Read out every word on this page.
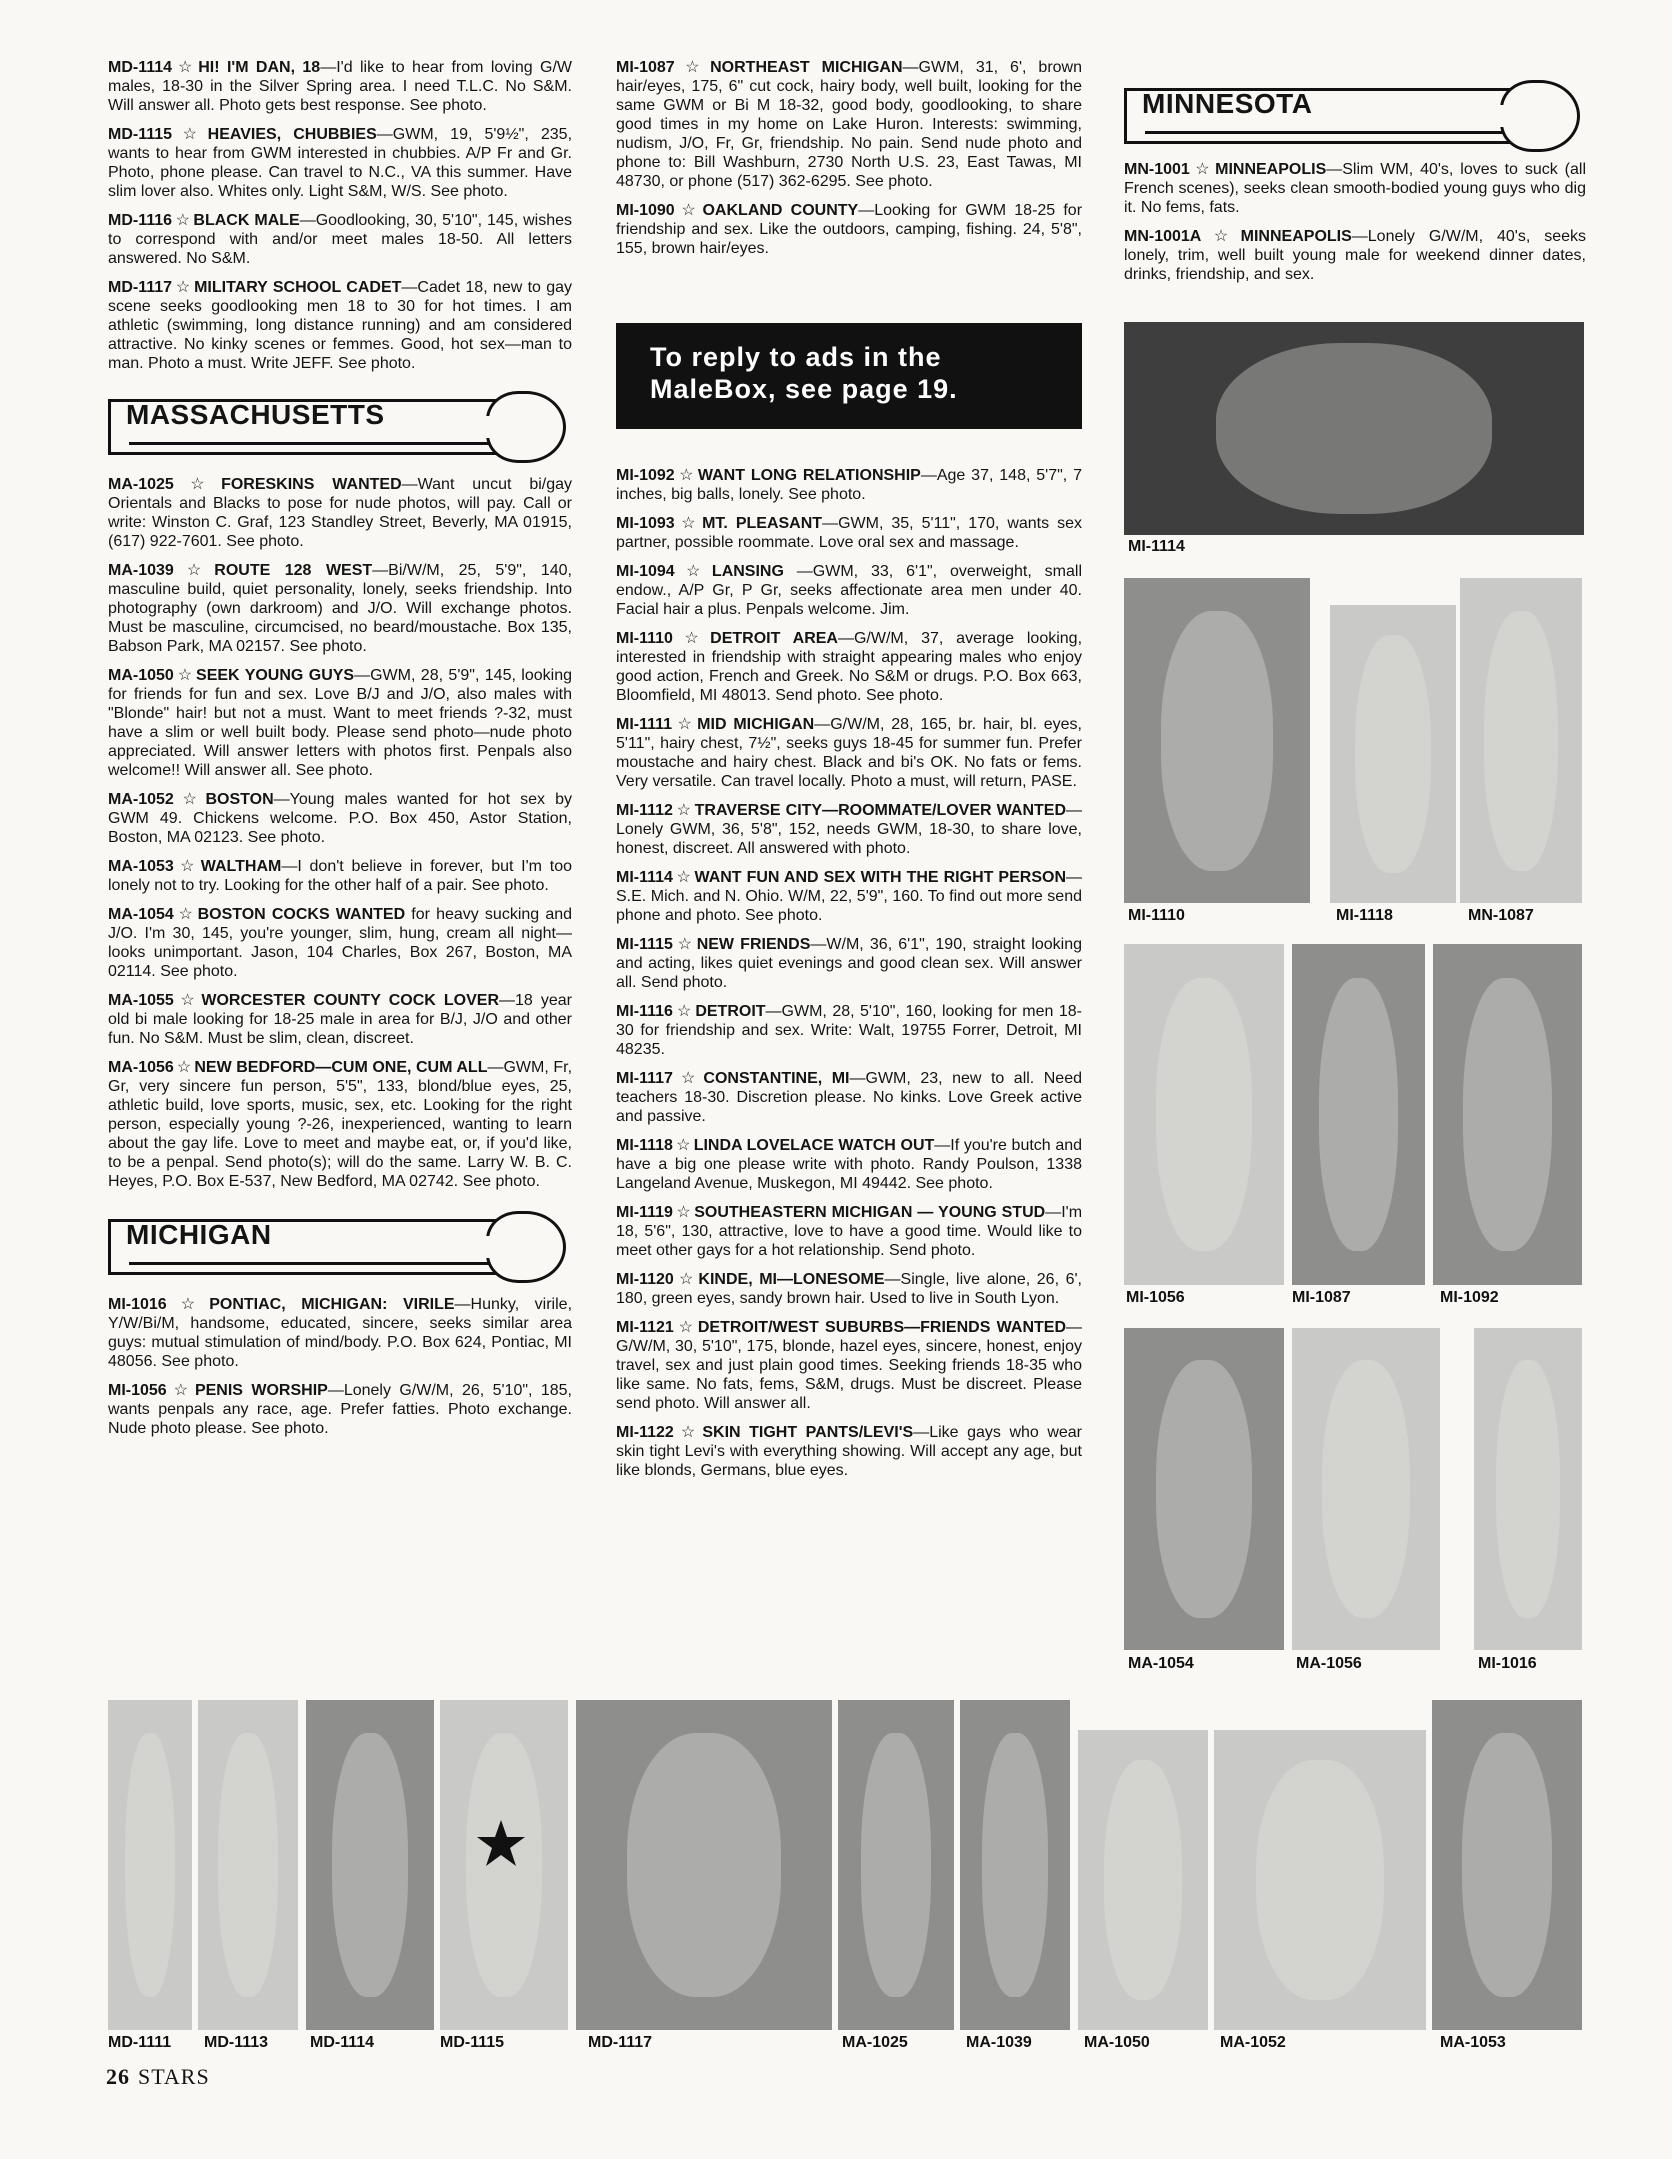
MD-1114 ☆ HI! I'M DAN, 18—I'd like to hear from loving G/W males, 18-30 in the Silver Spring area. I need T.L.C. No S&M. Will answer all. Photo gets best response. See photo.
MD-1115 ☆ HEAVIES, CHUBBIES—GWM, 19, 5'9½", 235, wants to hear from GWM interested in chubbies. A/P Fr and Gr. Photo, phone please. Can travel to N.C., VA this summer. Have slim lover also. Whites only. Light S&M, W/S. See photo.
MD-1116 ☆ BLACK MALE—Goodlooking, 30, 5'10", 145, wishes to correspond with and/or meet males 18-50. All letters answered. No S&M.
MD-1117 ☆ MILITARY SCHOOL CADET—Cadet 18, new to gay scene seeks goodlooking men 18 to 30 for hot times. I am athletic (swimming, long distance running) and am considered attractive. No kinky scenes or femmes. Good, hot sex—man to man. Photo a must. Write JEFF. See photo.
MASSACHUSETTS
MA-1025 ☆ FORESKINS WANTED—Want uncut bi/gay Orientals and Blacks to pose for nude photos, will pay. Call or write: Winston C. Graf, 123 Standley Street, Beverly, MA 01915, (617) 922-7601. See photo.
MA-1039 ☆ ROUTE 128 WEST—Bi/W/M, 25, 5'9", 140, masculine build, quiet personality, lonely, seeks friendship. Into photography (own darkroom) and J/O. Will exchange photos. Must be masculine, circumcised, no beard/moustache. Box 135, Babson Park, MA 02157. See photo.
MA-1050 ☆ SEEK YOUNG GUYS—GWM, 28, 5'9", 145, looking for friends for fun and sex. Love B/J and J/O, also males with "Blonde" hair! but not a must. Want to meet friends ?-32, must have a slim or well built body. Please send photo—nude photo appreciated. Will answer letters with photos first. Penpals also welcome!! Will answer all. See photo.
MA-1052 ☆ BOSTON—Young males wanted for hot sex by GWM 49. Chickens welcome. P.O. Box 450, Astor Station, Boston, MA 02123. See photo.
MA-1053 ☆ WALTHAM—I don't believe in forever, but I'm too lonely not to try. Looking for the other half of a pair. See photo.
MA-1054 ☆ BOSTON COCKS WANTED for heavy sucking and J/O. I'm 30, 145, you're younger, slim, hung, cream all night—looks unimportant. Jason, 104 Charles, Box 267, Boston, MA 02114. See photo.
MA-1055 ☆ WORCESTER COUNTY COCK LOVER—18 year old bi male looking for 18-25 male in area for B/J, J/O and other fun. No S&M. Must be slim, clean, discreet.
MA-1056 ☆ NEW BEDFORD—CUM ONE, CUM ALL—GWM, Fr, Gr, very sincere fun person, 5'5", 133, blond/blue eyes, 25, athletic build, love sports, music, sex, etc. Looking for the right person, especially young ?-26, inexperienced, wanting to learn about the gay life. Love to meet and maybe eat, or, if you'd like, to be a penpal. Send photo(s); will do the same. Larry W. B. C. Heyes, P.O. Box E-537, New Bedford, MA 02742. See photo.
MICHIGAN
MI-1016 ☆ PONTIAC, MICHIGAN: VIRILE—Hunky, virile, Y/W/Bi/M, handsome, educated, sincere, seeks similar area guys: mutual stimulation of mind/body. P.O. Box 624, Pontiac, MI 48056. See photo.
MI-1056 ☆ PENIS WORSHIP—Lonely G/W/M, 26, 5'10", 185, wants penpals any race, age. Prefer fatties. Photo exchange. Nude photo please. See photo.
MI-1087 ☆ NORTHEAST MICHIGAN—GWM, 31, 6', brown hair/eyes, 175, 6" cut cock, hairy body, well built, looking for the same GWM or Bi M 18-32, good body, goodlooking, to share good times in my home on Lake Huron. Interests: swimming, nudism, J/O, Fr, Gr, friendship. No pain. Send nude photo and phone to: Bill Washburn, 2730 North U.S. 23, East Tawas, MI 48730, or phone (517) 362-6295. See photo.
MI-1090 ☆ OAKLAND COUNTY—Looking for GWM 18-25 for friendship and sex. Like the outdoors, camping, fishing. 24, 5'8", 155, brown hair/eyes.
To reply to ads in the
MaleBox, see page 19.
MI-1092 ☆ WANT LONG RELATIONSHIP—Age 37, 148, 5'7", 7 inches, big balls, lonely. See photo.
MI-1093 ☆ MT. PLEASANT—GWM, 35, 5'11", 170, wants sex partner, possible roommate. Love oral sex and massage.
MI-1094 ☆ LANSING —GWM, 33, 6'1", overweight, small endow., A/P Gr, P Gr, seeks affectionate area men under 40. Facial hair a plus. Penpals welcome. Jim.
MI-1110 ☆ DETROIT AREA—G/W/M, 37, average looking, interested in friendship with straight appearing males who enjoy good action, French and Greek. No S&M or drugs. P.O. Box 663, Bloomfield, MI 48013. Send photo. See photo.
MI-1111 ☆ MID MICHIGAN—G/W/M, 28, 165, br. hair, bl. eyes, 5'11", hairy chest, 7½", seeks guys 18-45 for summer fun. Prefer moustache and hairy chest. Black and bi's OK. No fats or fems. Very versatile. Can travel locally. Photo a must, will return, PASE.
MI-1112 ☆ TRAVERSE CITY—ROOMMATE/LOVER WANTED—Lonely GWM, 36, 5'8", 152, needs GWM, 18-30, to share love, honest, discreet. All answered with photo.
MI-1114 ☆ WANT FUN AND SEX WITH THE RIGHT PERSON—S.E. Mich. and N. Ohio. W/M, 22, 5'9", 160. To find out more send phone and photo. See photo.
MI-1115 ☆ NEW FRIENDS—W/M, 36, 6'1", 190, straight looking and acting, likes quiet evenings and good clean sex. Will answer all. Send photo.
MI-1116 ☆ DETROIT—GWM, 28, 5'10", 160, looking for men 18-30 for friendship and sex. Write: Walt, 19755 Forrer, Detroit, MI 48235.
MI-1117 ☆ CONSTANTINE, MI—GWM, 23, new to all. Need teachers 18-30. Discretion please. No kinks. Love Greek active and passive.
MI-1118 ☆ LINDA LOVELACE WATCH OUT—If you're butch and have a big one please write with photo. Randy Poulson, 1338 Langeland Avenue, Muskegon, MI 49442. See photo.
MI-1119 ☆ SOUTHEASTERN MICHIGAN — YOUNG STUD—I'm 18, 5'6", 130, attractive, love to have a good time. Would like to meet other gays for a hot relationship. Send photo.
MI-1120 ☆ KINDE, MI—LONESOME—Single, live alone, 26, 6', 180, green eyes, sandy brown hair. Used to live in South Lyon.
MI-1121 ☆ DETROIT/WEST SUBURBS—FRIENDS WANTED—G/W/M, 30, 5'10", 175, blonde, hazel eyes, sincere, honest, enjoy travel, sex and just plain good times. Seeking friends 18-35 who like same. No fats, fems, S&M, drugs. Must be discreet. Please send photo. Will answer all.
MI-1122 ☆ SKIN TIGHT PANTS/LEVI'S—Like gays who wear skin tight Levi's with everything showing. Will accept any age, but like blonds, Germans, blue eyes.
MINNESOTA
MN-1001 ☆ MINNEAPOLIS—Slim WM, 40's, loves to suck (all French scenes), seeks clean smooth-bodied young guys who dig it. No fems, fats.
MN-1001A ☆ MINNEAPOLIS—Lonely G/W/M, 40's, seeks lonely, trim, well built young male for weekend dinner dates, drinks, friendship, and sex.
MI-1114
MI-1110	MI-1118	MN-1087
MI-1056	MI-1087	MI-1092
MA-1054	MA-1056	MI-1016
MD-1111 MD-1113	MD-1114	MD-1115	MD-1117	MA-1025	MA-1039	MA-1050	MA-1052	MA-1053
26 STARS
